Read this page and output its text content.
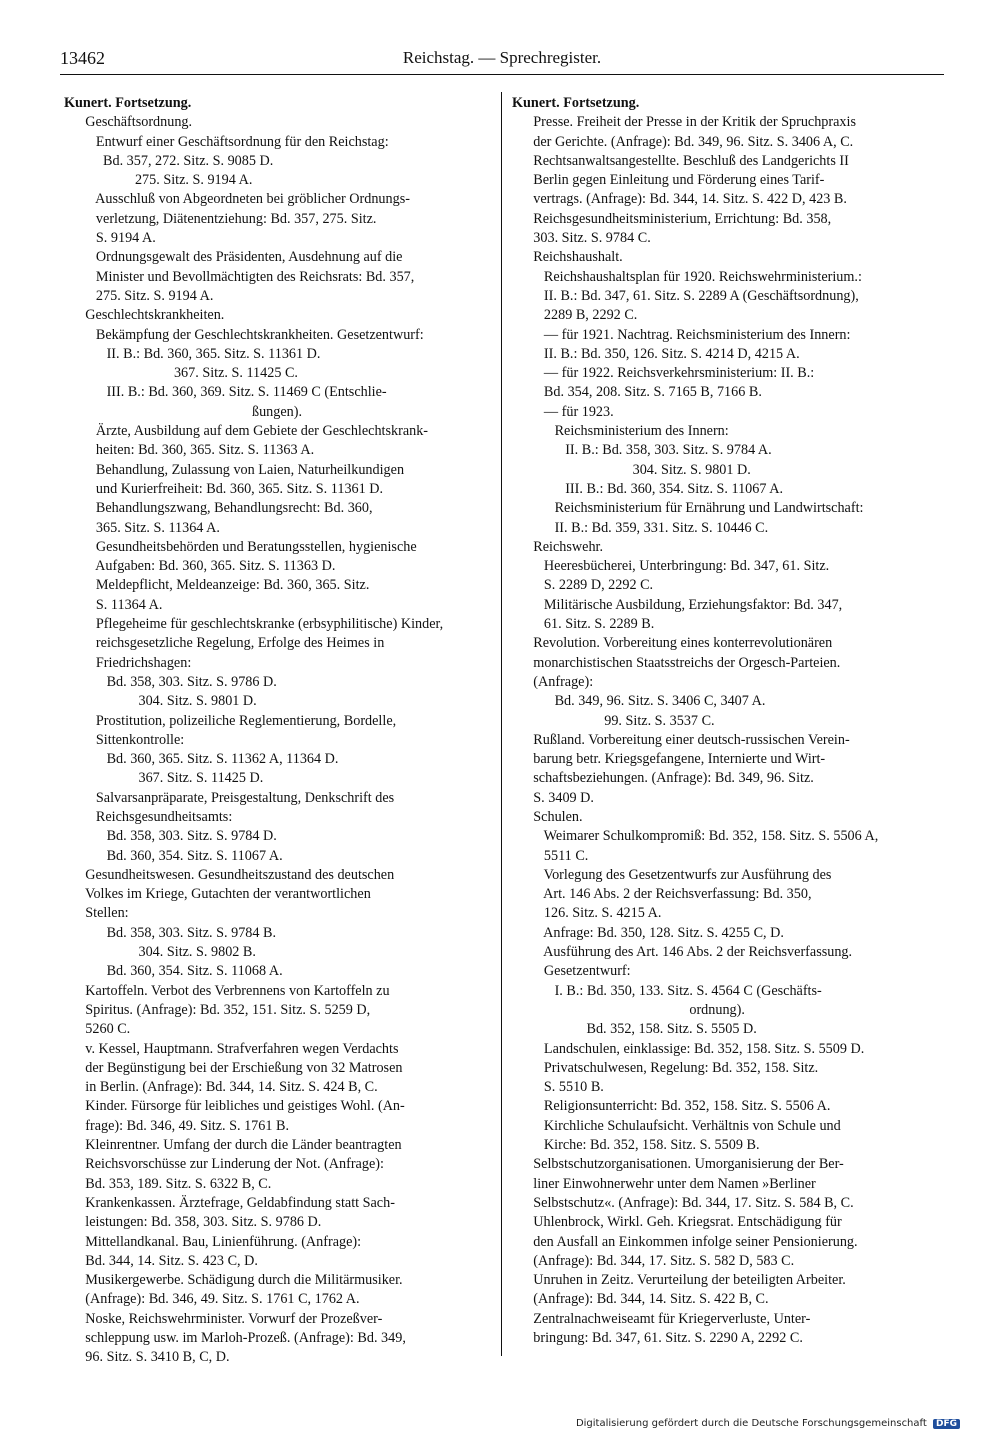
13462	Reichstag. — Sprechregister.
Kunert. Fortsetzung.
Geschäftsordnung.
Entwurf einer Geschäftsordnung für den Reichstag:
Bd. 357, 272. Sitz. S. 9085 D.
275. Sitz. S. 9194 A.
Ausschluß von Abgeordneten bei gröblicher Ordnungs-
verletzung, Diätenentziehung: Bd. 357, 275. Sitz.
S. 9194 A.
Ordnungsgewalt des Präsidenten, Ausdehnung auf die
Minister und Bevollmächtigten des Reichsrats: Bd. 357,
275. Sitz. S. 9194 A.
Geschlechtskrankheiten.
Bekämpfung der Geschlechtskrankheiten. Gesetzentwurf:
II. B.: Bd. 360, 365. Sitz. S. 11361 D.
367. Sitz. S. 11425 C.
III. B.: Bd. 360, 369. Sitz. S. 11469 C (Entschlie-
ßungen).
Ärzte, Ausbildung auf dem Gebiete der Geschlechtskrank-
heiten: Bd. 360, 365. Sitz. S. 11363 A.
Behandlung, Zulassung von Laien, Naturheilkundigen
und Kurierfreiheit: Bd. 360, 365. Sitz. S. 11361 D.
Behandlungszwang, Behandlungsrecht: Bd. 360,
365. Sitz. S. 11364 A.
Gesundheitsbehörden und Beratungsstellen, hygienische
Aufgaben: Bd. 360, 365. Sitz. S. 11363 D.
Meldepflicht, Meldeanzeige: Bd. 360, 365. Sitz.
S. 11364 A.
Pflegeheime für geschlechtskranke (erbsyphilitische) Kinder,
reichsgesetzliche Regelung, Erfolge des Heimes in
Friedrichshagen:
Bd. 358, 303. Sitz. S. 9786 D.
304. Sitz. S. 9801 D.
Prostitution, polizeiliche Reglementierung, Bordelle,
Sittenkontrolle:
Bd. 360, 365. Sitz. S. 11362 A, 11364 D.
367. Sitz. S. 11425 D.
Salvarsanpräparate, Preisgestaltung, Denkschrift des
Reichsgesundheitsamts:
Bd. 358, 303. Sitz. S. 9784 D.
Bd. 360, 354. Sitz. S. 11067 A.
Gesundheitswesen. Gesundheitszustand des deutschen
Volkes im Kriege, Gutachten der verantwortlichen
Stellen:
Bd. 358, 303. Sitz. S. 9784 B.
304. Sitz. S. 9802 B.
Bd. 360, 354. Sitz. S. 11068 A.
Kartoffeln. Verbot des Verbrennens von Kartoffeln zu
Spiritus. (Anfrage): Bd. 352, 151. Sitz. S. 5259 D,
5260 C.
v. Kessel, Hauptmann. Strafverfahren wegen Verdachts
der Begünstigung bei der Erschießung von 32 Matrosen
in Berlin. (Anfrage): Bd. 344, 14. Sitz. S. 424 B, C.
Kinder. Fürsorge für leibliches und geistiges Wohl. (An-
frage): Bd. 346, 49. Sitz. S. 1761 B.
Kleinrentner. Umfang der durch die Länder beantragten
Reichsvorschüsse zur Linderung der Not. (Anfrage):
Bd. 353, 189. Sitz. S. 6322 B, C.
Krankenkassen. Ärztefrage, Geldabfindung statt Sach-
leistungen: Bd. 358, 303. Sitz. S. 9786 D.
Mittellandkanal. Bau, Linienführung. (Anfrage):
Bd. 344, 14. Sitz. S. 423 C, D.
Musikergewerbe. Schädigung durch die Militärmusiker.
(Anfrage): Bd. 346, 49. Sitz. S. 1761 C, 1762 A.
Noske, Reichswehrminister. Vorwurf der Prozeßver-
schleppung usw. im Marloh-Prozeß. (Anfrage): Bd. 349,
96. Sitz. S. 3410 B, C, D.
Kunert. Fortsetzung.
Presse. Freiheit der Presse in der Kritik der Spruchpraxis
der Gerichte. (Anfrage): Bd. 349, 96. Sitz. S. 3406 A, C.
Rechtsanwaltsangestellte. Beschluß des Landgerichts II
Berlin gegen Einleitung und Förderung eines Tarif-
vertrags. (Anfrage): Bd. 344, 14. Sitz. S. 422 D, 423 B.
Reichsgesundheitsministerium, Errichtung: Bd. 358,
303. Sitz. S. 9784 C.
Reichshaushalt.
Reichshaushaltsplan für 1920. Reichswehrministerium.:
II. B.: Bd. 347, 61. Sitz. S. 2289 A (Geschäftsordnung),
2289 B, 2292 C.
— für 1921. Nachtrag. Reichsministerium des Innern:
II. B.: Bd. 350, 126. Sitz. S. 4214 D, 4215 A.
— für 1922. Reichsverkehrsministerium: II. B.:
Bd. 354, 208. Sitz. S. 7165 B, 7166 B.
— für 1923.
Reichsministerium des Innern:
II. B.: Bd. 358, 303. Sitz. S. 9784 A.
304. Sitz. S. 9801 D.
III. B.: Bd. 360, 354. Sitz. S. 11067 A.
Reichsministerium für Ernährung und Landwirtschaft:
II. B.: Bd. 359, 331. Sitz. S. 10446 C.
Reichswehr.
Heeresbücherei, Unterbringung: Bd. 347, 61. Sitz.
S. 2289 D, 2292 C.
Militärische Ausbildung, Erziehungsfaktor: Bd. 347,
61. Sitz. S. 2289 B.
Revolution. Vorbereitung eines konterrevolutionären
monarchistischen Staatsstreichs der Orgesch-Parteien.
(Anfrage):
Bd. 349, 96. Sitz. S. 3406 C, 3407 A.
99. Sitz. S. 3537 C.
Rußland. Vorbereitung einer deutsch-russischen Verein-
barung betr. Kriegsgefangene, Internierte und Wirt-
schaftsbeziehungen. (Anfrage): Bd. 349, 96. Sitz.
S. 3409 D.
Schulen.
Weimarer Schulkompromiß: Bd. 352, 158. Sitz. S. 5506 A,
5511 C.
Vorlegung des Gesetzentwurfs zur Ausführung des
Art. 146 Abs. 2 der Reichsverfassung: Bd. 350,
126. Sitz. S. 4215 A.
Anfrage: Bd. 350, 128. Sitz. S. 4255 C, D.
Ausführung des Art. 146 Abs. 2 der Reichsverfassung.
Gesetzentwurf:
I. B.: Bd. 350, 133. Sitz. S. 4564 C (Geschäfts-
ordnung).
Bd. 352, 158. Sitz. S. 5505 D.
Landschulen, einklassige: Bd. 352, 158. Sitz. S. 5509 D.
Privatschulwesen, Regelung: Bd. 352, 158. Sitz.
S. 5510 B.
Religionsunterricht: Bd. 352, 158. Sitz. S. 5506 A.
Kirchliche Schulaufsicht. Verhältnis von Schule und
Kirche: Bd. 352, 158. Sitz. S. 5509 B.
Selbstschutzorganisationen. Umorganisierung der Ber-
liner Einwohnerwehr unter dem Namen »Berliner
Selbstschutz«. (Anfrage): Bd. 344, 17. Sitz. S. 584 B, C.
Uhlenbrock, Wirkl. Geh. Kriegsrat. Entschädigung für
den Ausfall an Einkommen infolge seiner Pensionierung.
(Anfrage): Bd. 344, 17. Sitz. S. 582 D, 583 C.
Unruhen in Zeitz. Verurteilung der beteiligten Arbeiter.
(Anfrage): Bd. 344, 14. Sitz. S. 422 B, C.
Zentralnachweiseamt für Kriegerverluste, Unter-
bringung: Bd. 347, 61. Sitz. S. 2290 A, 2292 C.
Digitalisierung gefördert durch die Deutsche Forschungsgemeinschaft DFG
